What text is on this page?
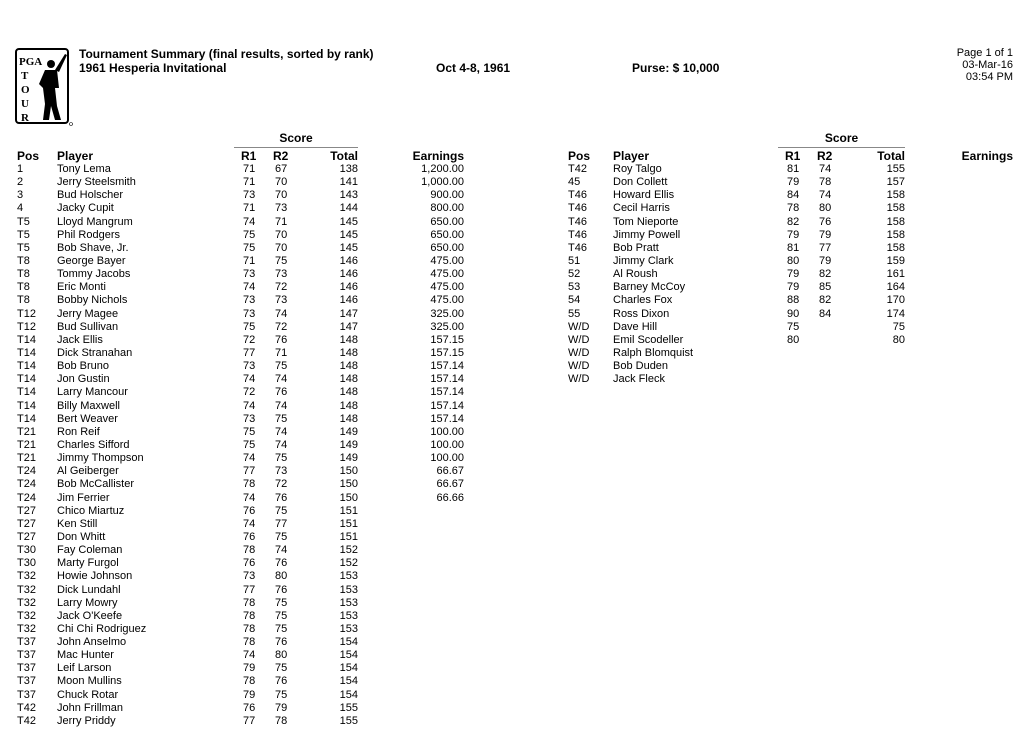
PGA
T
O
U
R
Tournament Summary (final results, sorted by rank)
1961 Hesperia Invitational	Oct 4-8, 1961	Purse: $ 10,000
Page 1 of 1
03-Mar-16
03:54 PM
Score	Score
Pos Player	R1 R2	Total	Earnings	Pos Player	R1 R2	Total	Earnings
1	Tony Lema	71 67	138	1,200.00
2	Jerry Steelsmith	71 70	141	1,000.00
3	Bud Holscher	73 70	143	900.00
4	Jacky Cupit	71 73	144	800.00
T5 Lloyd Mangrum	74 71	145	650.00
T5 Phil Rodgers	75 70	145	650.00
T5 Bob Shave, Jr.	75 70	145	650.00
T8 George Bayer	71 75	146	475.00
T8 Tommy Jacobs	73 73	146	475.00
T8 Eric Monti	74 72	146	475.00
T8 Bobby Nichols	73 73	146	475.00
T12 Jerry Magee	73 74	147	325.00
T12 Bud Sullivan	75 72	147	325.00
T14 Jack Ellis	72 76	148	157.15
T14 Dick Stranahan	77 71	148	157.15
T14 Bob Bruno	73 75	148	157.14
T14 Jon Gustin	74 74	148	157.14
T14 Larry Mancour	72 76	148	157.14
T14 Billy Maxwell	74 74	148	157.14
T14 Bert Weaver	73 75	148	157.14
T21 Ron Reif	75 74	149	100.00
T21 Charles Sifford	75 74	149	100.00
T21 Jimmy Thompson	74 75	149	100.00
T24 Al Geiberger	77 73	150	66.67
T24 Bob McCallister	78 72	150	66.67
T24 Jim Ferrier	74 76	150	66.66
T27 Chico Miartuz	76 75	151
T27 Ken Still	74 77	151
T27 Don Whitt	76 75	151
T30 Fay Coleman	78 74	152
T30 Marty Furgol	76 76	152
T32 Howie Johnson	73 80	153
T32 Dick Lundahl	77 76	153
T32 Larry Mowry	78 75	153
T32 Jack O'Keefe	78 75	153
T32 Chi Chi Rodriguez	78 75	153
T37 John Anselmo	78 76	154
T37 Mac Hunter	74 80	154
T37 Leif Larson	79 75	154
T37 Moon Mullins	78 76	154
T37 Chuck Rotar	79 75	154
T42 John Frillman	76 79	155
T42 Jerry Priddy	77 78	155
T42 Roy Talgo	81 74	155
45	Don Collett	79 78	157
T46 Howard Ellis	84 74	158
T46 Cecil Harris	78 80	158
T46 Tom Nieporte	82 76	158
T46 Jimmy Powell	79 79	158
T46 Bob Pratt	81 77	158
51	Jimmy Clark	80 79	159
52	Al Roush	79 82	161
53	Barney McCoy	79 85	164
54	Charles Fox	88 82	170
55	Ross Dixon	90 84	174
W/D Dave Hill	75	75
W/D Emil Scodeller	80	80
W/D Ralph Blomquist
W/D Bob Duden
W/D Jack Fleck
